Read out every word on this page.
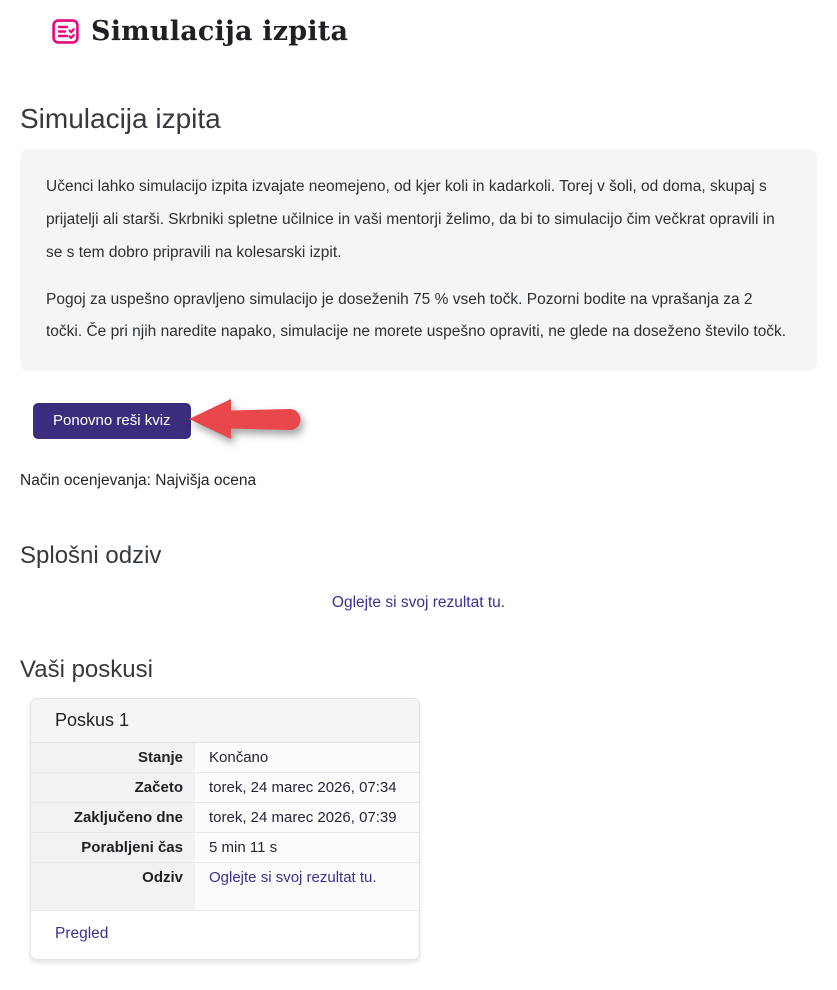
Simulacija izpita
Simulacija izpita

Učenci lahko simulacijo izpita izvajate neomejeno, od kjer koli in kadarkoli. Torej v šoli, od doma, skupaj s prijatelji ali starši. Skrbniki spletne učilnice in vaši mentorji želimo, da bi to simulacijo čim večkrat opravili in se s tem dobro pripravili na kolesarski izpit.

Pogoj za uspešno opravljeno simulacijo je doseženih 75 % vseh točk. Pozorni bodite na vprašanja za 2 točki. Če pri njih naredite napako, simulacije ne morete uspešno opraviti, ne glede na doseženo število točk.

Ponovno reši kviz

Način ocenjevanja: Najvišja ocena

Splošni odziv

Oglejte si svoj rezultat tu.

Vaši poskusi
Poskus 1
Stanje	Končano
Začeto	torek, 24 marec 2026, 07:34
Zaključeno dne	torek, 24 marec 2026, 07:39
Porabljeni čas	5 min 11 s
Odziv	Oglejte si svoj rezultat tu.
Pregled
